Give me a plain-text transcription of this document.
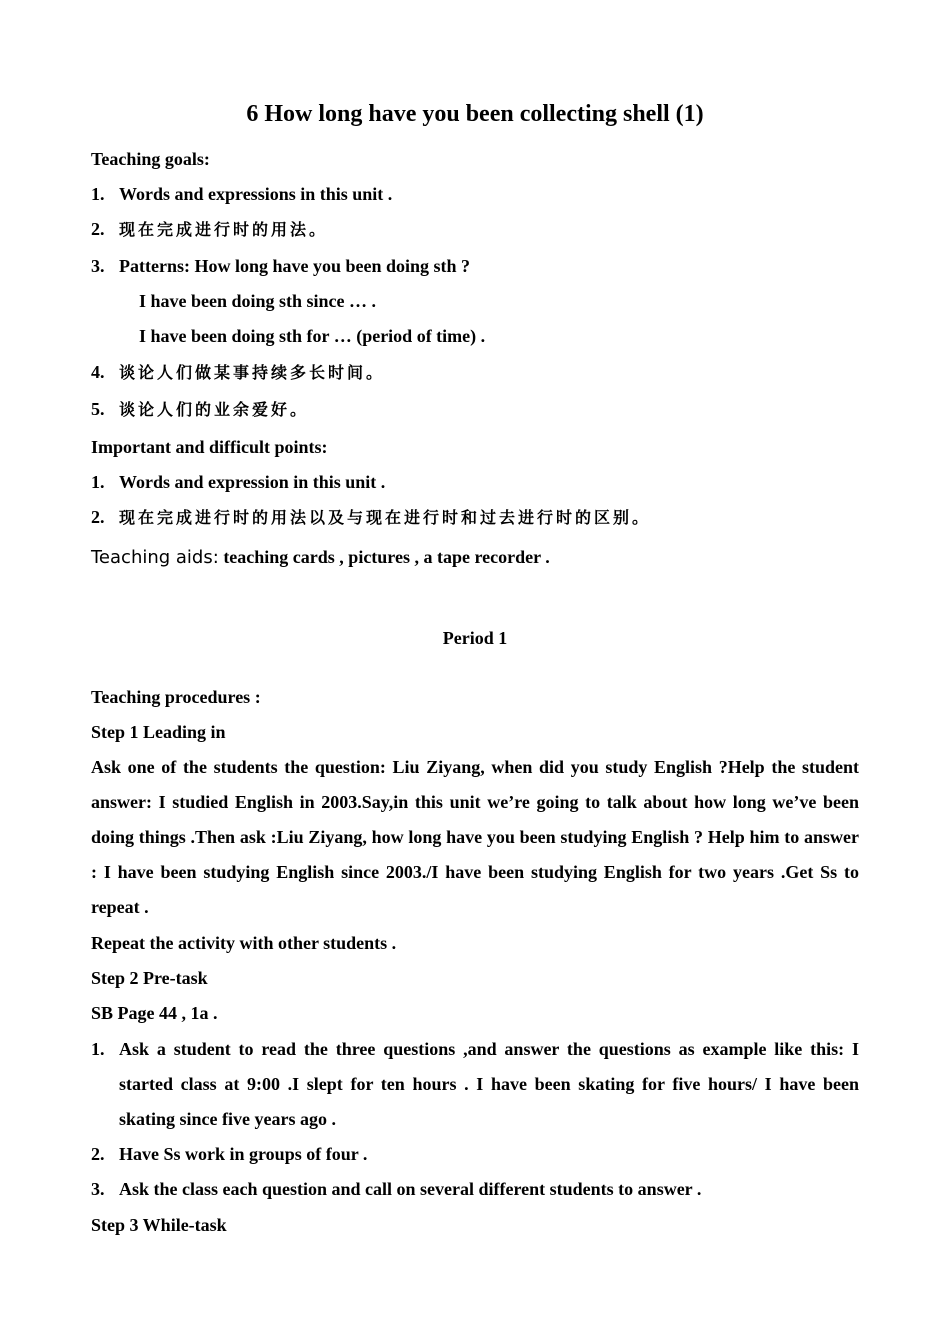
6 How long have you been collecting shell (1)
Teaching goals:
1. Words and expressions in this unit .
2. 现在完成进行时的用法。
3. Patterns: How long have you been doing sth ?
I have been doing sth since … .
I have been doing sth for … (period of time) .
4. 谈论人们做某事持续多长时间。
5. 谈论人们的业余爱好。
Important and difficult points:
1. Words and expression in this unit .
2. 现在完成进行时的用法以及与现在进行时和过去进行时的区别。
Teaching aids: teaching cards , pictures , a tape recorder .
Period 1
Teaching procedures :
Step 1 Leading in
Ask one of the students the question: Liu Ziyang, when did you study English ?Help the student answer: I studied English in 2003.Say,in this unit we’re going to talk about how long we’ve been doing things .Then ask :Liu Ziyang, how long have you been studying English ? Help him to answer : I have been studying English since 2003./I have been studying English for two years .Get Ss to repeat .
Repeat the activity with other students .
Step 2 Pre-task
SB Page 44 , 1a .
1. Ask a student to read the three questions ,and answer the questions as example like this: I started class at 9:00 .I slept for ten hours . I have been skating for five hours/ I have been skating since five years ago .
2. Have Ss work in groups of four .
3. Ask the class each question and call on several different students to answer .
Step 3 While-task
